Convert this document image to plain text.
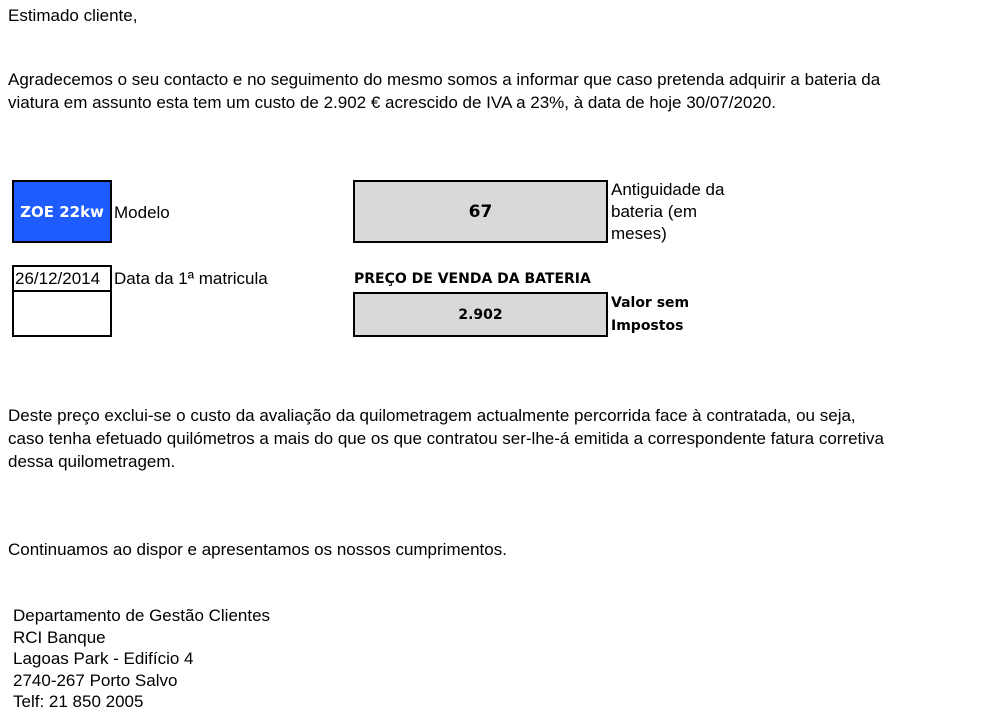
Estimado cliente,
Agradecemos o seu contacto e no seguimento do mesmo somos a informar que caso pretenda adquirir a bateria da
viatura em assunto esta tem um custo de 2.902 € acrescido de IVA a 23%, à data de hoje 30/07/2020.
ZOE 22kw Modelo
26/12/2014 Data da 1ª matricula
67
Antiguidade da
bateria (em
meses)
PREÇO DE VENDA DA BATERIA
2.902
Valor sem
Impostos
Deste preço exclui-se o custo da avaliação da quilometragem actualmente percorrida face à contratada, ou seja,
caso tenha efetuado quilómetros a mais do que os que contratou ser-lhe-á emitida a correspondente fatura corretiva
dessa quilometragem.
Continuamos ao dispor e apresentamos os nossos cumprimentos.
Departamento de Gestão Clientes
RCI Banque
Lagoas Park - Edifício 4
2740-267 Porto Salvo
Telf: 21 850 2005
